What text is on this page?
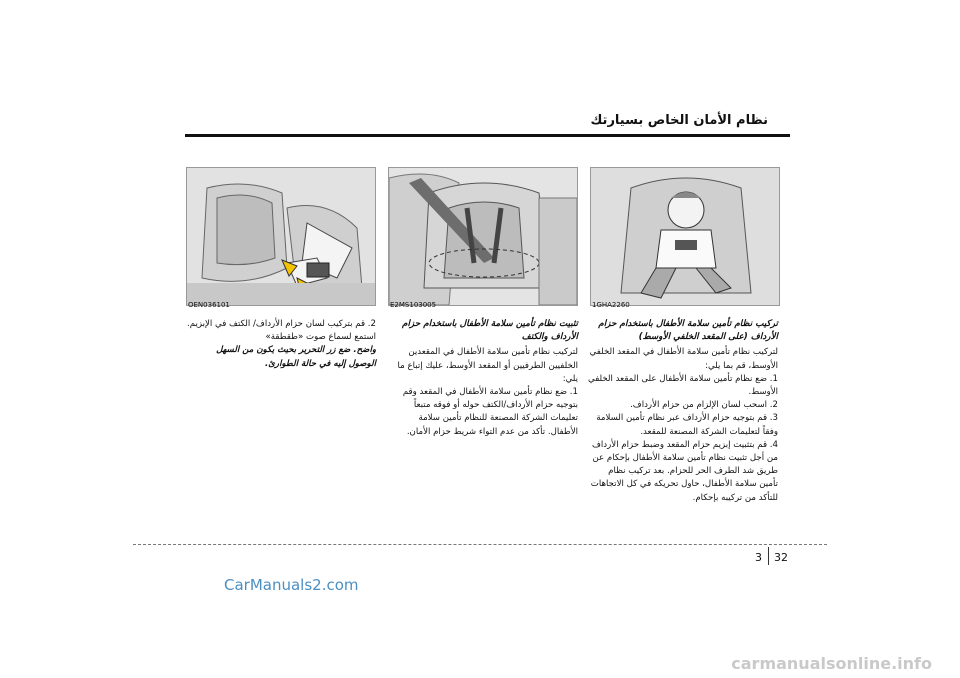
نظام الأمان الخاص بسيارتك
OEN036101	E2MS103005	1GHA2260
تركيب نظام تأمين سلامة الأطفال باستخدام حزام الأرداف (على المقعد الخلفي الأوسط)

لتركيب نظام تأمين سلامة الأطفال في المقعد الخلفي الأوسط، قم بما يلي:

1. ضع نظام تأمين سلامة الأطفال على المقعد الخلفي الأوسط.

2. اسحب لسان الإلزام من حزام الأرداف.

3. قم بتوجيه حزام الأرداف عبر نظام تأمين السلامة وفقاً لتعليمات الشركة المصنعة للمقعد.

4. قم بتثبيت إبزيم حزام المقعد وضبط حزام الأرداف من أجل تثبيت نظام تأمين سلامة الأطفال بإحكام عن طريق شد الطرف الحر للحزام. بعد تركيب نظام تأمين سلامة الأطفال، حاول تحريكه في كل الاتجاهات للتأكد من تركيبه بإحكام.

تثبيت نظام تأمين سلامة الأطفال باستخدام حزام الأرداف والكتف

لتركيب نظام تأمين سلامة الأطفال في المقعدين الخلفيين الطرفيين أو المقعد الأوسط، عليك إتباع ما يلي:

1. ضع نظام تأمين سلامة الأطفال في المقعد وقم بتوجيه حزام الأرداف/الكتف حوله أو فوقه متبعاً تعليمات الشركة المصنعة للنظام تأمين سلامة الأطفال. تأكد من عدم التواء شريط حزام الأمان.

2. قم بتركيب لسان حزام الأرداف/ الكتف في الإبزيم. استمع لسماع صوت «طقطقة»

واضح. ضع زر التحرير بحيث يكون من السهل الوصول إليه في حالة الطوارئ.

3 32
CarManuals2.com
carmanualsonline.info
